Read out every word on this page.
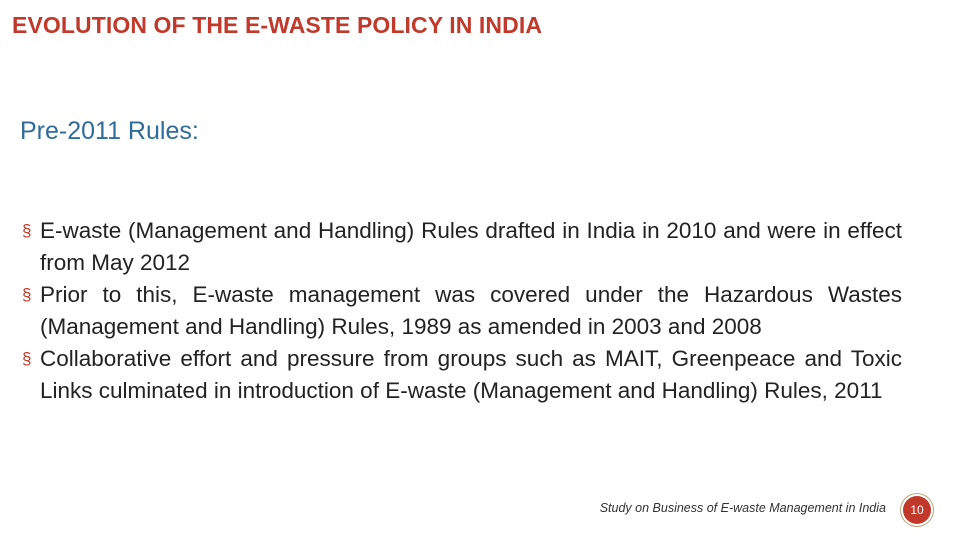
EVOLUTION OF THE E-WASTE POLICY IN INDIA
Pre-2011 Rules:
§ E-waste (Management and Handling) Rules drafted in India in 2010 and were in effect from May 2012
§ Prior to this, E-waste management was covered under the Hazardous Wastes (Management and Handling) Rules, 1989 as amended in 2003 and 2008
§ Collaborative effort and pressure from groups such as MAIT, Greenpeace and Toxic Links culminated in introduction of E-waste (Management and Handling) Rules, 2011
Study on Business of E-waste Management in India	10
